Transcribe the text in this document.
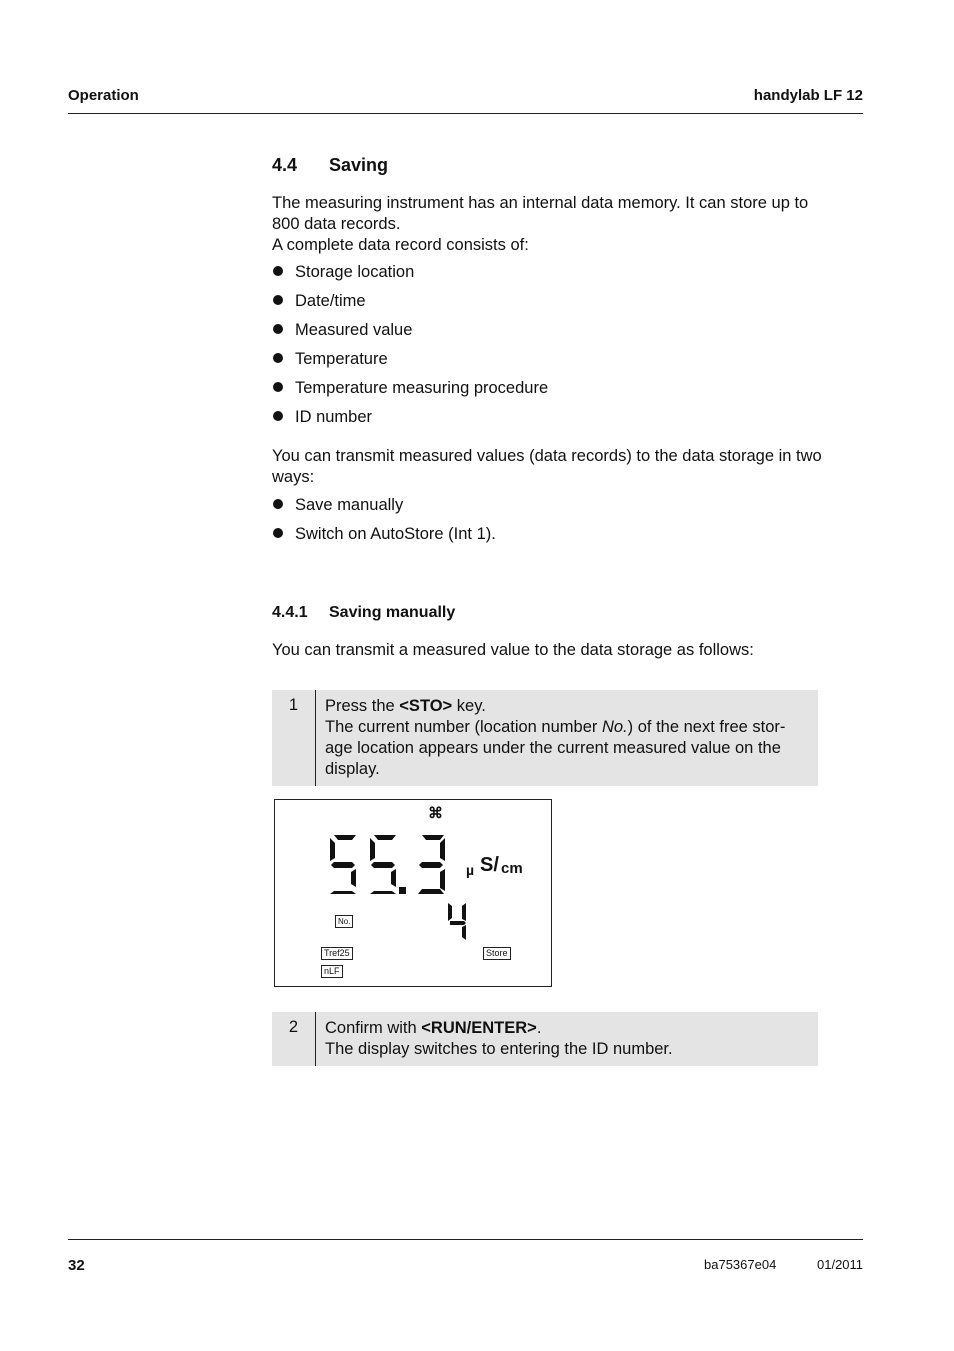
Operation	handylab LF 12
4.4 Saving
The measuring instrument has an internal data memory. It can store up to
800 data records.
A complete data record consists of:
Storage location
Date/time
Measured value
Temperature
Temperature measuring procedure
ID number
You can transmit measured values (data records) to the data storage in two
ways:
Save manually
Switch on AutoStore (Int 1).
4.4.1 Saving manually
You can transmit a measured value to the data storage as follows:
1	Press the <STO> key.
The current number (location number No.) of the next free stor-
age location appears under the current measured value on the
display.
⌘
µ S/ cm
No.
Tref25
nLF
Store
2	Confirm with <RUN/ENTER>.
The display switches to entering the ID number.
32	ba75367e04	01/2011
